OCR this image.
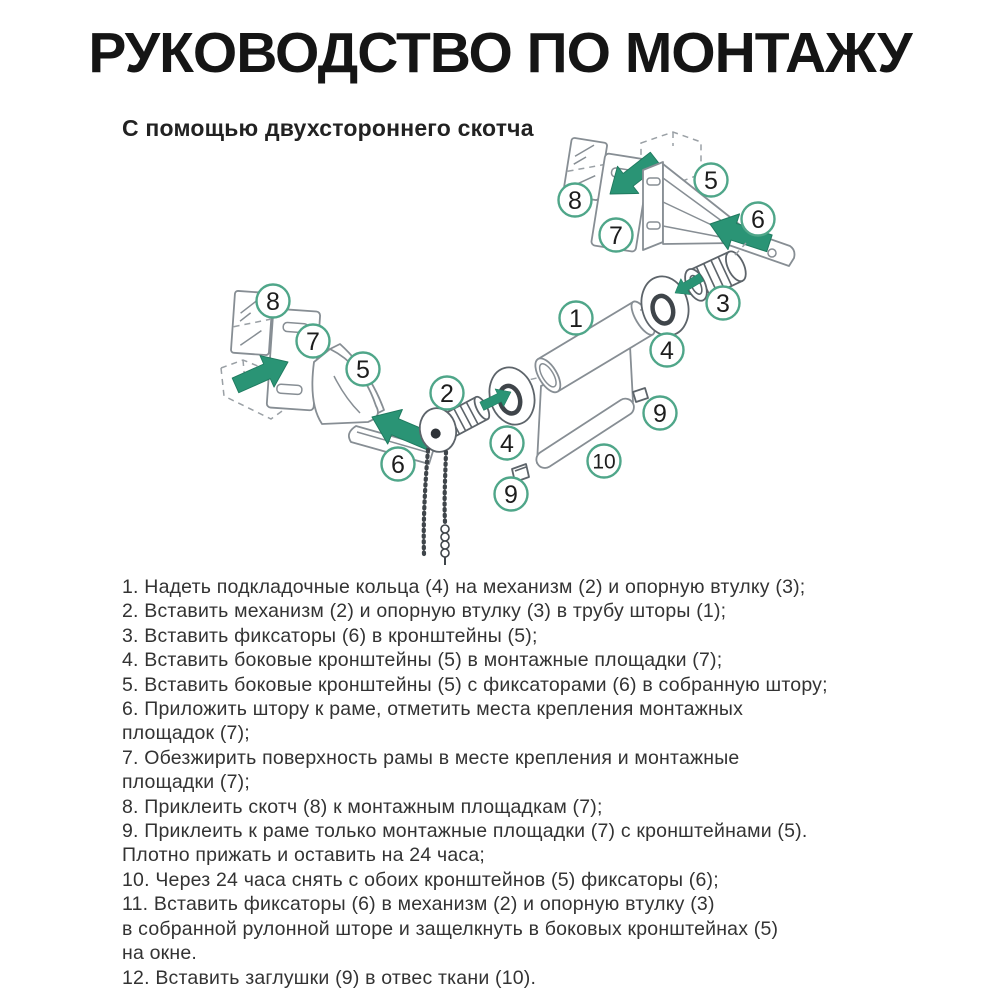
РУКОВОДСТВО ПО МОНТАЖУ
С помощью двухстороннего скотча
8
7
5
6
3
1
4
9
10
8
7
5
2
4
6
9
1. Надеть подкладочные кольца (4) на механизм (2) и опорную втулку (3);
2. Вставить механизм (2) и опорную втулку (3) в трубу шторы (1);
3. Вставить фиксаторы (6) в кронштейны (5);
4. Вставить боковые кронштейны (5) в монтажные площадки (7);
5. Вставить боковые кронштейны (5) с фиксаторами (6) в собранную штору;
6. Приложить штору к раме, отметить места крепления монтажных
площадок (7);
7. Обезжирить поверхность рамы в месте крепления и монтажные
площадки (7);
8. Приклеить скотч (8) к монтажным площадкам (7);
9. Приклеить к раме только монтажные площадки (7) с кронштейнами (5).
Плотно прижать и оставить на 24 часа;
10. Через 24 часа снять с обоих кронштейнов (5) фиксаторы (6);
11. Вставить фиксаторы (6) в механизм (2) и опорную втулку (3)
в собранной рулонной шторе и защелкнуть в боковых кронштейнах (5)
на окне.
12. Вставить заглушки (9) в отвес ткани (10).
